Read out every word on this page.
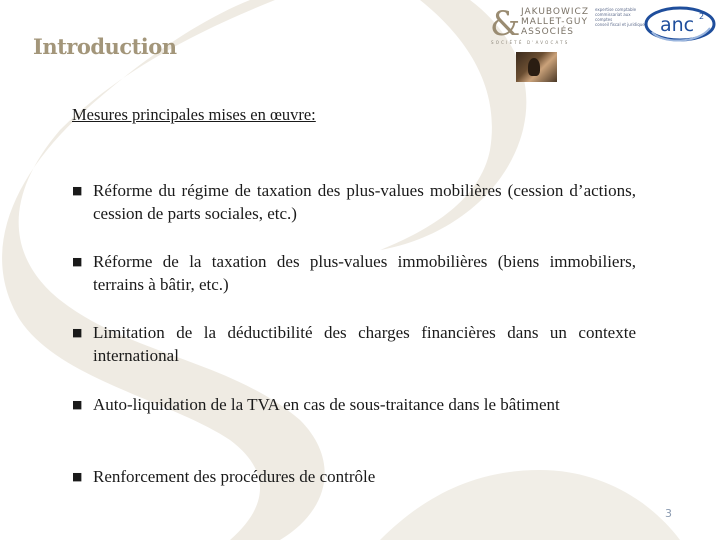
Introduction
& JAKUBOWICZ
MALLET-GUY
ASSOCIÉS
SOCIÉTÉ D'AVOCATS
expertise comptable
commissariat aux comptes
conseil fiscal et juridique anc 2
Mesures principales mises en œuvre:
■ Réforme du régime de taxation des plus-values mobilières (cession d’actions, cession de parts sociales, etc.)
■ Réforme de la taxation des plus-values immobilières (biens immobiliers, terrains à bâtir, etc.)
■ Limitation de la déductibilité des charges financières dans un contexte international
■ Auto-liquidation de la TVA en cas de sous-traitance dans le bâtiment
■ Renforcement des procédures de contrôle
3
